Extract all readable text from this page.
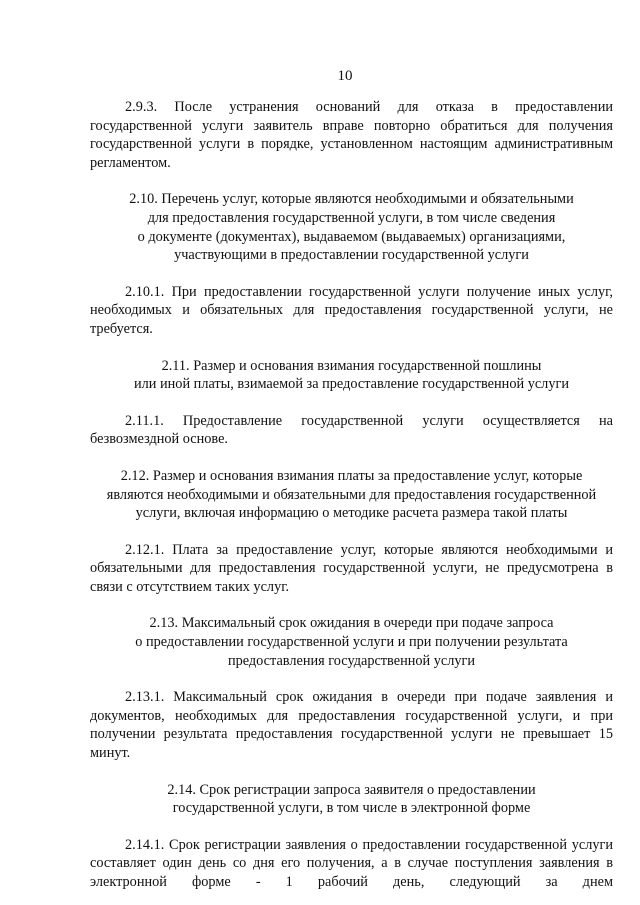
10

2.9.3. После устранения оснований для отказа в предоставлении государственной услуги заявитель вправе повторно обратиться для получения государственной услуги в порядке, установленном настоящим административным регламентом.

2.10. Перечень услуг, которые являются необходимыми и обязательными
для предоставления государственной услуги, в том числе сведения
о документе (документах), выдаваемом (выдаваемых) организациями,
участвующими в предоставлении государственной услуги

2.10.1. При предоставлении государственной услуги получение иных услуг, необходимых и обязательных для предоставления государственной услуги, не требуется.

2.11. Размер и основания взимания государственной пошлины
или иной платы, взимаемой за предоставление государственной услуги

2.11.1. Предоставление государственной услуги осуществляется на безвозмездной основе.

2.12. Размер и основания взимания платы за предоставление услуг, которые
являются необходимыми и обязательными для предоставления государственной
услуги, включая информацию о методике расчета размера такой платы

2.12.1. Плата за предоставление услуг, которые являются необходимыми и обязательными для предоставления государственной услуги, не предусмотрена в связи с отсутствием таких услуг.

2.13. Максимальный срок ожидания в очереди при подаче запроса
о предоставлении государственной услуги и при получении результата
предоставления государственной услуги

2.13.1. Максимальный срок ожидания в очереди при подаче заявления и документов, необходимых для предоставления государственной услуги, и при получении результата предоставления государственной услуги не превышает 15 минут.

2.14. Срок регистрации запроса заявителя о предоставлении
государственной услуги, в том числе в электронной форме

2.14.1. Срок регистрации заявления о предоставлении государственной услуги составляет один день со дня его получения, а в случае поступления заявления в электронной форме - 1 рабочий день, следующий за днем
